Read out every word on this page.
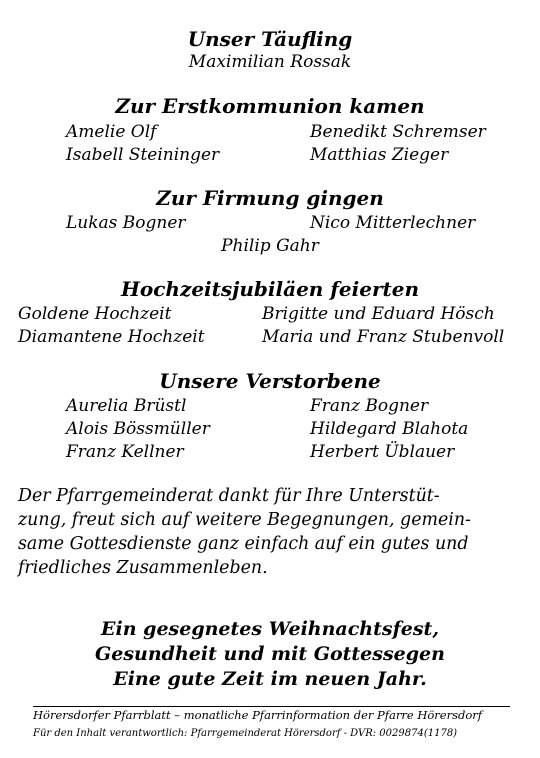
Unser Täufling
Maximilian Rossak
Zur Erstkommunion kamen
Amelie Olf	Benedikt Schremser
Isabell Steininger	Matthias Zieger
Zur Firmung gingen
Lukas Bogner	Nico Mitterlechner
Philip Gahr
Hochzeitsjubiläen feierten
Goldene Hochzeit	Brigitte und Eduard Hösch
Diamantene Hochzeit	Maria und Franz Stubenvoll
Unsere Verstorbene
Aurelia Brüstl	Franz Bogner
Alois Bössmüller	Hildegard Blahota
Franz Kellner	Herbert Üblauer
Der Pfarrgemeinderat dankt für Ihre Unterstüt-
zung, freut sich auf weitere Begegnungen, gemein-
same Gottesdienste ganz einfach auf ein gutes und
friedliches Zusammenleben.
Ein gesegnetes Weihnachtsfest,
Gesundheit und mit Gottessegen
Eine gute Zeit im neuen Jahr.
Hörersdorfer Pfarrblatt – monatliche Pfarrinformation der Pfarre Hörersdorf
Für den Inhalt verantwortlich: Pfarrgemeinderat Hörersdorf - DVR: 0029874(1178)
